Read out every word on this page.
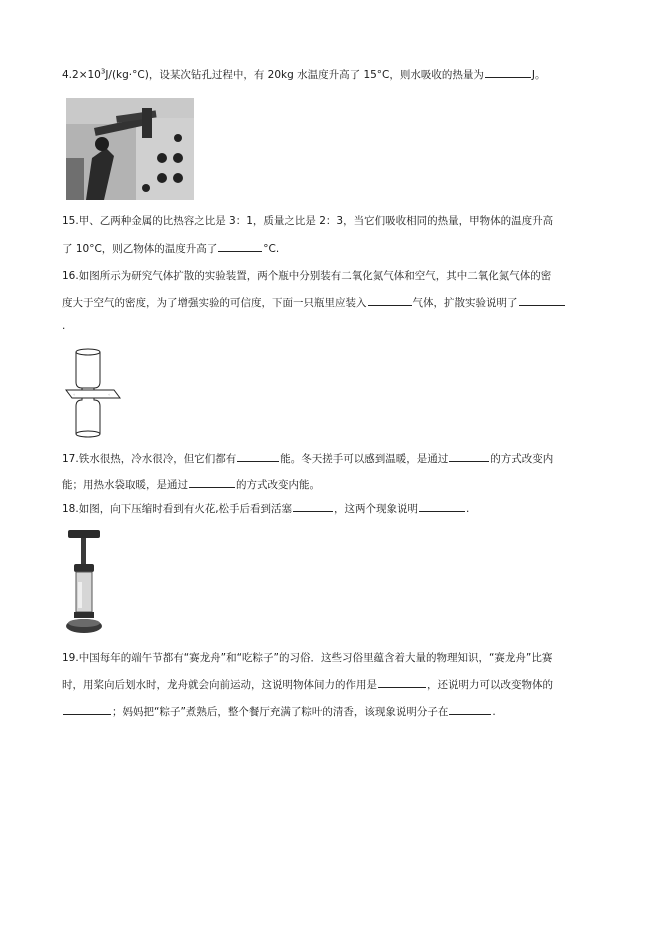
$4.2\times 10^3J/(kg\cdot^\circ C)$，设某次钻孔过程中，有 20kg 水温度升高了 15°C，则水吸收的热量为	J。
15.甲、乙两种金属的比热容之比是 3：1，质量之比是 2：3，当它们吸收相同的热量，甲物体的温度升高
了 10°C，则乙物体的温度升高了	°C.
16.如图所示为研究气体扩散的实验装置，两个瓶中分别装有二氧化氮气体和空气，其中二氧化氮气体的密
度大于空气的密度，为了增强实验的可信度，下面一只瓶里应装入	气体，扩散实验说明了
.
◦	◦
17.铁水很热，冷水很冷，但它们都有	能。冬天搓手可以感到温暖，是通过	的方式改变内
能；用热水袋取暖，是通过	的方式改变内能。
18.如图，向下压缩时看到有火花,松手后看到活塞	，这两个现象说明	.
19.中国每年的端午节都有“赛龙舟”和“吃粽子”的习俗．这些习俗里蕴含着大量的物理知识，“赛龙舟”比赛
时，用桨向后划水时，龙舟就会向前运动，这说明物体间力的作用是	，还说明力可以改变物体的
；妈妈把“粽子”煮熟后，整个餐厅充满了粽叶的清香，该现象说明分子在	.
